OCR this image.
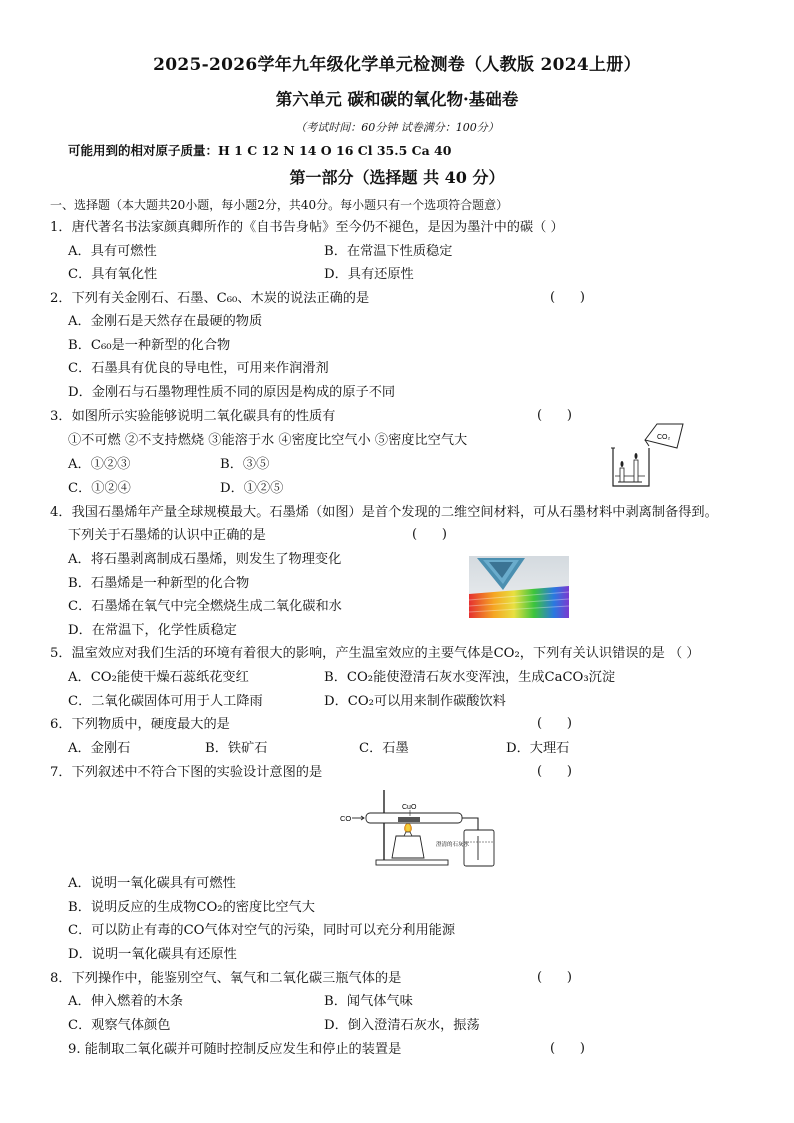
2025-2026学年九年级化学单元检测卷（人教版 2024上册）
第六单元 碳和碳的氧化物·基础卷
（考试时间：60分钟 试卷满分：100分）
可能用到的相对原子质量：H 1 C 12 N 14 O 16 Cl 35.5 Ca 40
第一部分（选择题 共 40 分）
一、选择题（本大题共20小题，每小题2分，共40分。每小题只有一个选项符合题意）
1．唐代著名书法家颜真卿所作的《自书告身帖》至今仍不褪色，是因为墨汁中的碳（ ）
A．具有可燃性	B．在常温下性质稳定
C．具有氧化性	D．具有还原性
2．下列有关金刚石、石墨、C₆₀、木炭的说法正确的是	(      )
A．金刚石是天然存在最硬的物质
B．C₆₀是一种新型的化合物
C．石墨具有优良的导电性，可用来作润滑剂
D．金刚石与石墨物理性质不同的原因是构成的原子不同
3．如图所示实验能够说明二氧化碳具有的性质有	(      )
①不可燃 ②不支持燃烧 ③能溶于水 ④密度比空气小 ⑤密度比空气大
A．①②③	B．③⑤
C．①②④	D．①②⑤
CO₂
4．我国石墨烯年产量全球规模最大。石墨烯（如图）是首个发现的二维空间材料，可从石墨材料中剥离制备得到。
下列关于石墨烯的认识中正确的是	(      )
A．将石墨剥离制成石墨烯，则发生了物理变化
B．石墨烯是一种新型的化合物
C．石墨烯在氧气中完全燃烧生成二氧化碳和水
D．在常温下，化学性质稳定
5．温室效应对我们生活的环境有着很大的影响，产生温室效应的主要气体是CO₂，下列有关认识错误的是 （ ）
A．CO₂能使干燥石蕊纸花变红	B．CO₂能使澄清石灰水变浑浊，生成CaCO₃沉淀
C．二氧化碳固体可用于人工降雨	D．CO₂可以用来制作碳酸饮料
6．下列物质中，硬度最大的是	(      )
A．金刚石	B．铁矿石	C．石墨	D．大理石
7．下列叙述中不符合下图的实验设计意图的是	(      )
CO
CuO
澄清的石灰水
A．说明一氧化碳具有可燃性
B．说明反应的生成物CO₂的密度比空气大
C．可以防止有毒的CO气体对空气的污染，同时可以充分利用能源
D．说明一氧化碳具有还原性
8．下列操作中，能鉴别空气、氧气和二氧化碳三瓶气体的是	(      )
A．伸入燃着的木条	B．闻气体气味
C．观察气体颜色	D．倒入澄清石灰水，振荡
9. 能制取二氧化碳并可随时控制反应发生和停止的装置是	(      )
